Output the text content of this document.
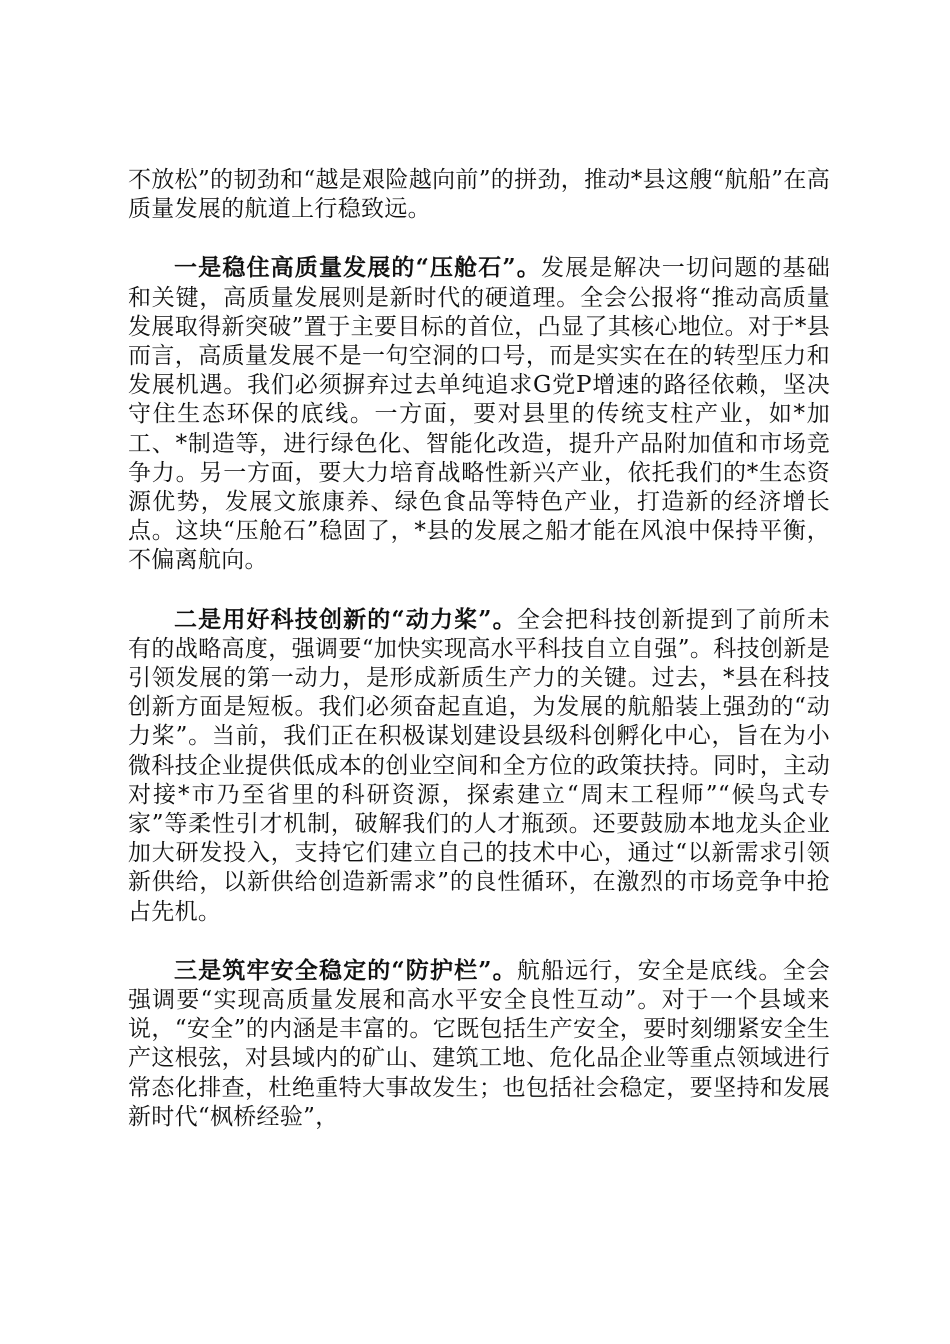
不放松”的韧劲和“越是艰险越向前”的拼劲，推动*县这艘“航船”在高质量发展的航道上行稳致远。

一是稳住高质量发展的“压舱石”。发展是解决一切问题的基础和关键，高质量发展则是新时代的硬道理。全会公报将“推动高质量发展取得新突破”置于主要目标的首位，凸显了其核心地位。对于*县而言，高质量发展不是一句空洞的口号，而是实实在在的转型压力和发展机遇。我们必须摒弃过去单纯追求G党P增速的路径依赖，坚决守住生态环保的底线。一方面，要对县里的传统支柱产业，如*加工、*制造等，进行绿色化、智能化改造，提升产品附加值和市场竞争力。另一方面，要大力培育战略性新兴产业，依托我们的*生态资源优势，发展文旅康养、绿色食品等特色产业，打造新的经济增长点。这块“压舱石”稳固了，*县的发展之船才能在风浪中保持平衡，不偏离航向。

二是用好科技创新的“动力桨”。全会把科技创新提到了前所未有的战略高度，强调要“加快实现高水平科技自立自强”。科技创新是引领发展的第一动力，是形成新质生产力的关键。过去，*县在科技创新方面是短板。我们必须奋起直追，为发展的航船装上强劲的“动力桨”。当前，我们正在积极谋划建设县级科创孵化中心，旨在为小微科技企业提供低成本的创业空间和全方位的政策扶持。同时，主动对接*市乃至省里的科研资源，探索建立“周末工程师”“候鸟式专家”等柔性引才机制，破解我们的人才瓶颈。还要鼓励本地龙头企业加大研发投入，支持它们建立自己的技术中心，通过“以新需求引领新供给，以新供给创造新需求”的良性循环，在激烈的市场竞争中抢占先机。

三是筑牢安全稳定的“防护栏”。航船远行，安全是底线。全会强调要“实现高质量发展和高水平安全良性互动”。对于一个县域来说，“安全”的内涵是丰富的。它既包括生产安全，要时刻绷紧安全生产这根弦，对县域内的矿山、建筑工地、危化品企业等重点领域进行常态化排查，杜绝重特大事故发生；也包括社会稳定，要坚持和发展新时代“枫桥经验”，
